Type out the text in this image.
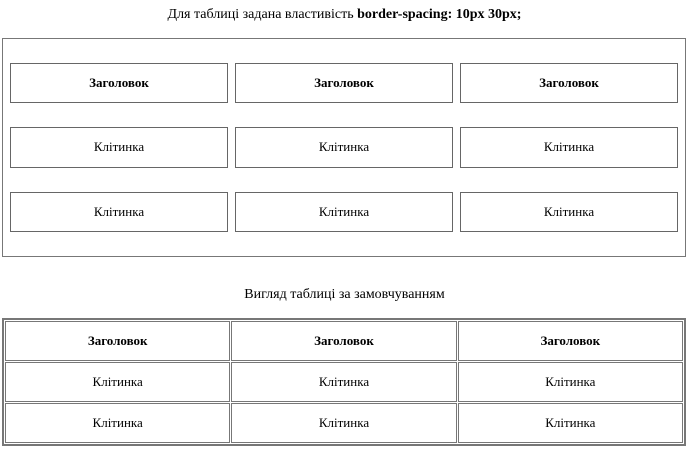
Для таблиці задана властивість border-spacing: 10px 30px;
Заголовок	Заголовок	Заголовок
Клітинка	Клітинка	Клітинка
Клітинка	Клітинка	Клітинка
Вигляд таблиці за замовчуванням
Заголовок	Заголовок	Заголовок
Клітинка	Клітинка	Клітинка
Клітинка	Клітинка	Клітинка
